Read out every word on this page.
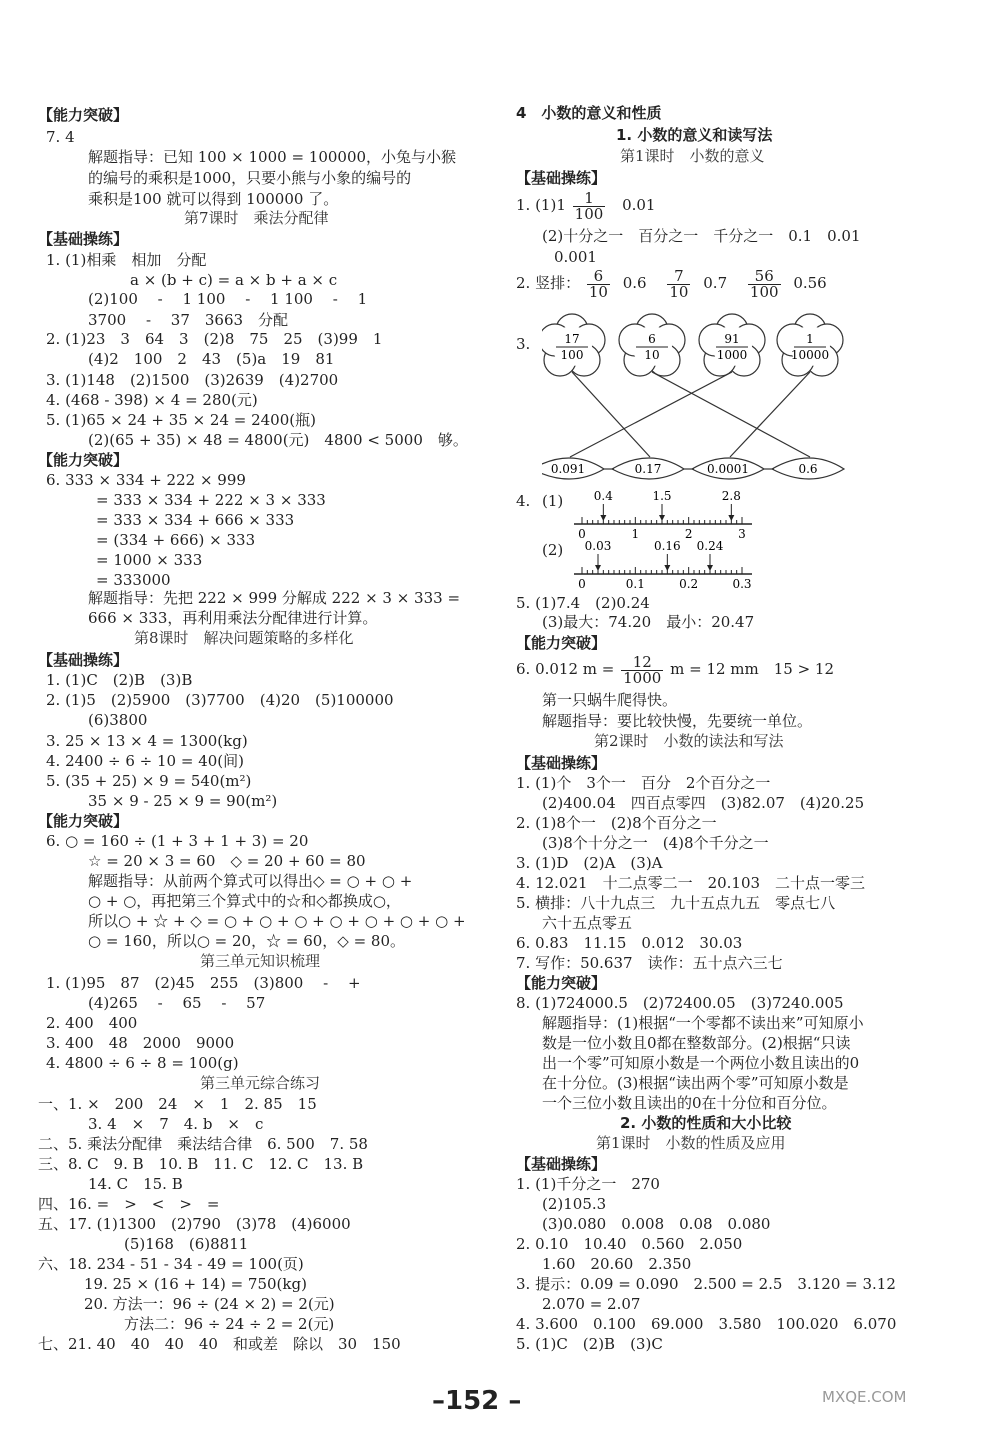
【能力突破】
7. 4
解题指导：已知 100 × 1000 = 100000，小兔与小猴
的编号的乘积是1000，只要小熊与小象的编号的
乘积是100 就可以得到 100000 了。
第7课时　乘法分配律
【基础操练】
1. (1)相乘　相加　分配
a × (b + c) = a × b + a × c
(2)100　 -　 1 100　 -　 1 100　 -　 1
3700　 -　 37　3663　分配
2. (1)23　3　64　3　(2)8　75　25　(3)99　1
(4)2　100　2　43　(5)a　19　81
3. (1)148　(2)1500　(3)2639　(4)2700
4. (468 - 398) × 4 = 280(元)
5. (1)65 × 24 + 35 × 24 = 2400(瓶)
(2)(65 + 35) × 48 = 4800(元)　4800 < 5000　够。
【能力突破】
6. 333 × 334 + 222 × 999
= 333 × 334 + 222 × 3 × 333
= 333 × 334 + 666 × 333
= (334 + 666) × 333
= 1000 × 333
= 333000
解题指导：先把 222 × 999 分解成 222 × 3 × 333 =
666 × 333，再利用乘法分配律进行计算。
第8课时　解决问题策略的多样化
【基础操练】
1. (1)C　(2)B　(3)B
2. (1)5　(2)5900　(3)7700　(4)20　(5)100000
(6)3800
3. 25 × 13 × 4 = 1300(kg)
4. 2400 ÷ 6 ÷ 10 = 40(间)
5. (35 + 25) × 9 = 540(m²)
35 × 9 - 25 × 9 = 90(m²)
【能力突破】
6. ○ = 160 ÷ (1 + 3 + 1 + 3) = 20
☆ = 20 × 3 = 60　◇ = 20 + 60 = 80
解题指导：从前两个算式可以得出◇ = ○ + ○ +
○ + ○，再把第三个算式中的☆和◇都换成○，
所以○ + ☆ + ◇ = ○ + ○ + ○ + ○ + ○ + ○ + ○ +
○ = 160，所以○ = 20，☆ = 60，◇ = 80。
第三单元知识梳理
1. (1)95　87　(2)45　255　(3)800　 -　 +
(4)265　 -　 65　 -　 57
2. 400　400
3. 400　48　2000　9000
4. 4800 ÷ 6 ÷ 8 = 100(g)
第三单元综合练习
一、1. ×　200　24　×　1　2. 85　15
3. 4　×　7　4. b　×　c
二、5. 乘法分配律　乘法结合律　6. 500　7. 58
三、8. C　9. B　10. B　11. C　12. C　13. B
14. C　15. B
四、16. =　>　<　>　=
五、17. (1)1300　(2)790　(3)78　(4)6000
(5)168　(6)8811
六、18. 234 - 51 - 34 - 49 = 100(页)
19. 25 × (16 + 14) = 750(kg)
20. 方法一：96 ÷ (24 × 2) = 2(元)
方法二：96 ÷ 24 ÷ 2 = 2(元)
七、21. 40　40　40　40　和或差　除以　30　150
1. $(1)1 \frac{1}{100} 0.01$
2. 竖排： $\frac{6}{10} 0.6 \frac{7}{10} 0.7 \frac{56}{100} 0.56$
3.	17
100
6
10
91
1000
1
10000
0.091	0.17	0.0001	0.6
4. (1)
(2)
0	1	2	3
0.4	1.5	2.8
0	0.1	0.2	0.3
0.03	0.16 0.24
6. 0.012 $m = \frac{12}{1000}$ m = 12 mm　15 > 12
4　小数的意义和性质
1. 小数的意义和读写法
第1课时　小数的意义
【基础操练】
(2)十分之一　百分之一　千分之一　0.1　0.01
0.001
5. (1)7.4　(2)0.24
(3)最大：74.20　最小：20.47
【能力突破】
第一只蜗牛爬得快。
解题指导：要比较快慢，先要统一单位。
第2课时　小数的读法和写法
【基础操练】
1. (1)个　3个一　百分　2个百分之一
(2)400.04　四百点零四　(3)82.07　(4)20.25
2. (1)8个一　(2)8个百分之一
(3)8个十分之一　(4)8个千分之一
3. (1)D　(2)A　(3)A
4. 12.021　十二点零二一　20.103　二十点一零三
5. 横排：八十九点三　九十五点九五　零点七八
六十五点零五
6. 0.83　11.15　0.012　30.03
7. 写作：50.637　读作：五十点六三七
【能力突破】
8. (1)724000.5　(2)72400.05　(3)7240.005
解题指导：(1)根据“一个零都不读出来”可知原小
数是一位小数且0都在整数部分。(2)根据“只读
出一个零”可知原小数是一个两位小数且读出的0
在十分位。(3)根据“读出两个零”可知原小数是
一个三位小数且读出的0在十分位和百分位。
2. 小数的性质和大小比较
第1课时　小数的性质及应用
【基础操练】
1. (1)千分之一　270
(2)105.3
(3)0.080　0.008　0.08　0.080
2. 0.10　10.40　0.560　2.050
1.60　20.60　2.350
3. 提示：0.09 = 0.090　2.500 = 2.5　3.120 = 3.12
2.070 = 2.07
4. 3.600　0.100　69.000　3.580　100.020　6.070
5. (1)C　(2)B　(3)C
–152 –	MXQE.COM
